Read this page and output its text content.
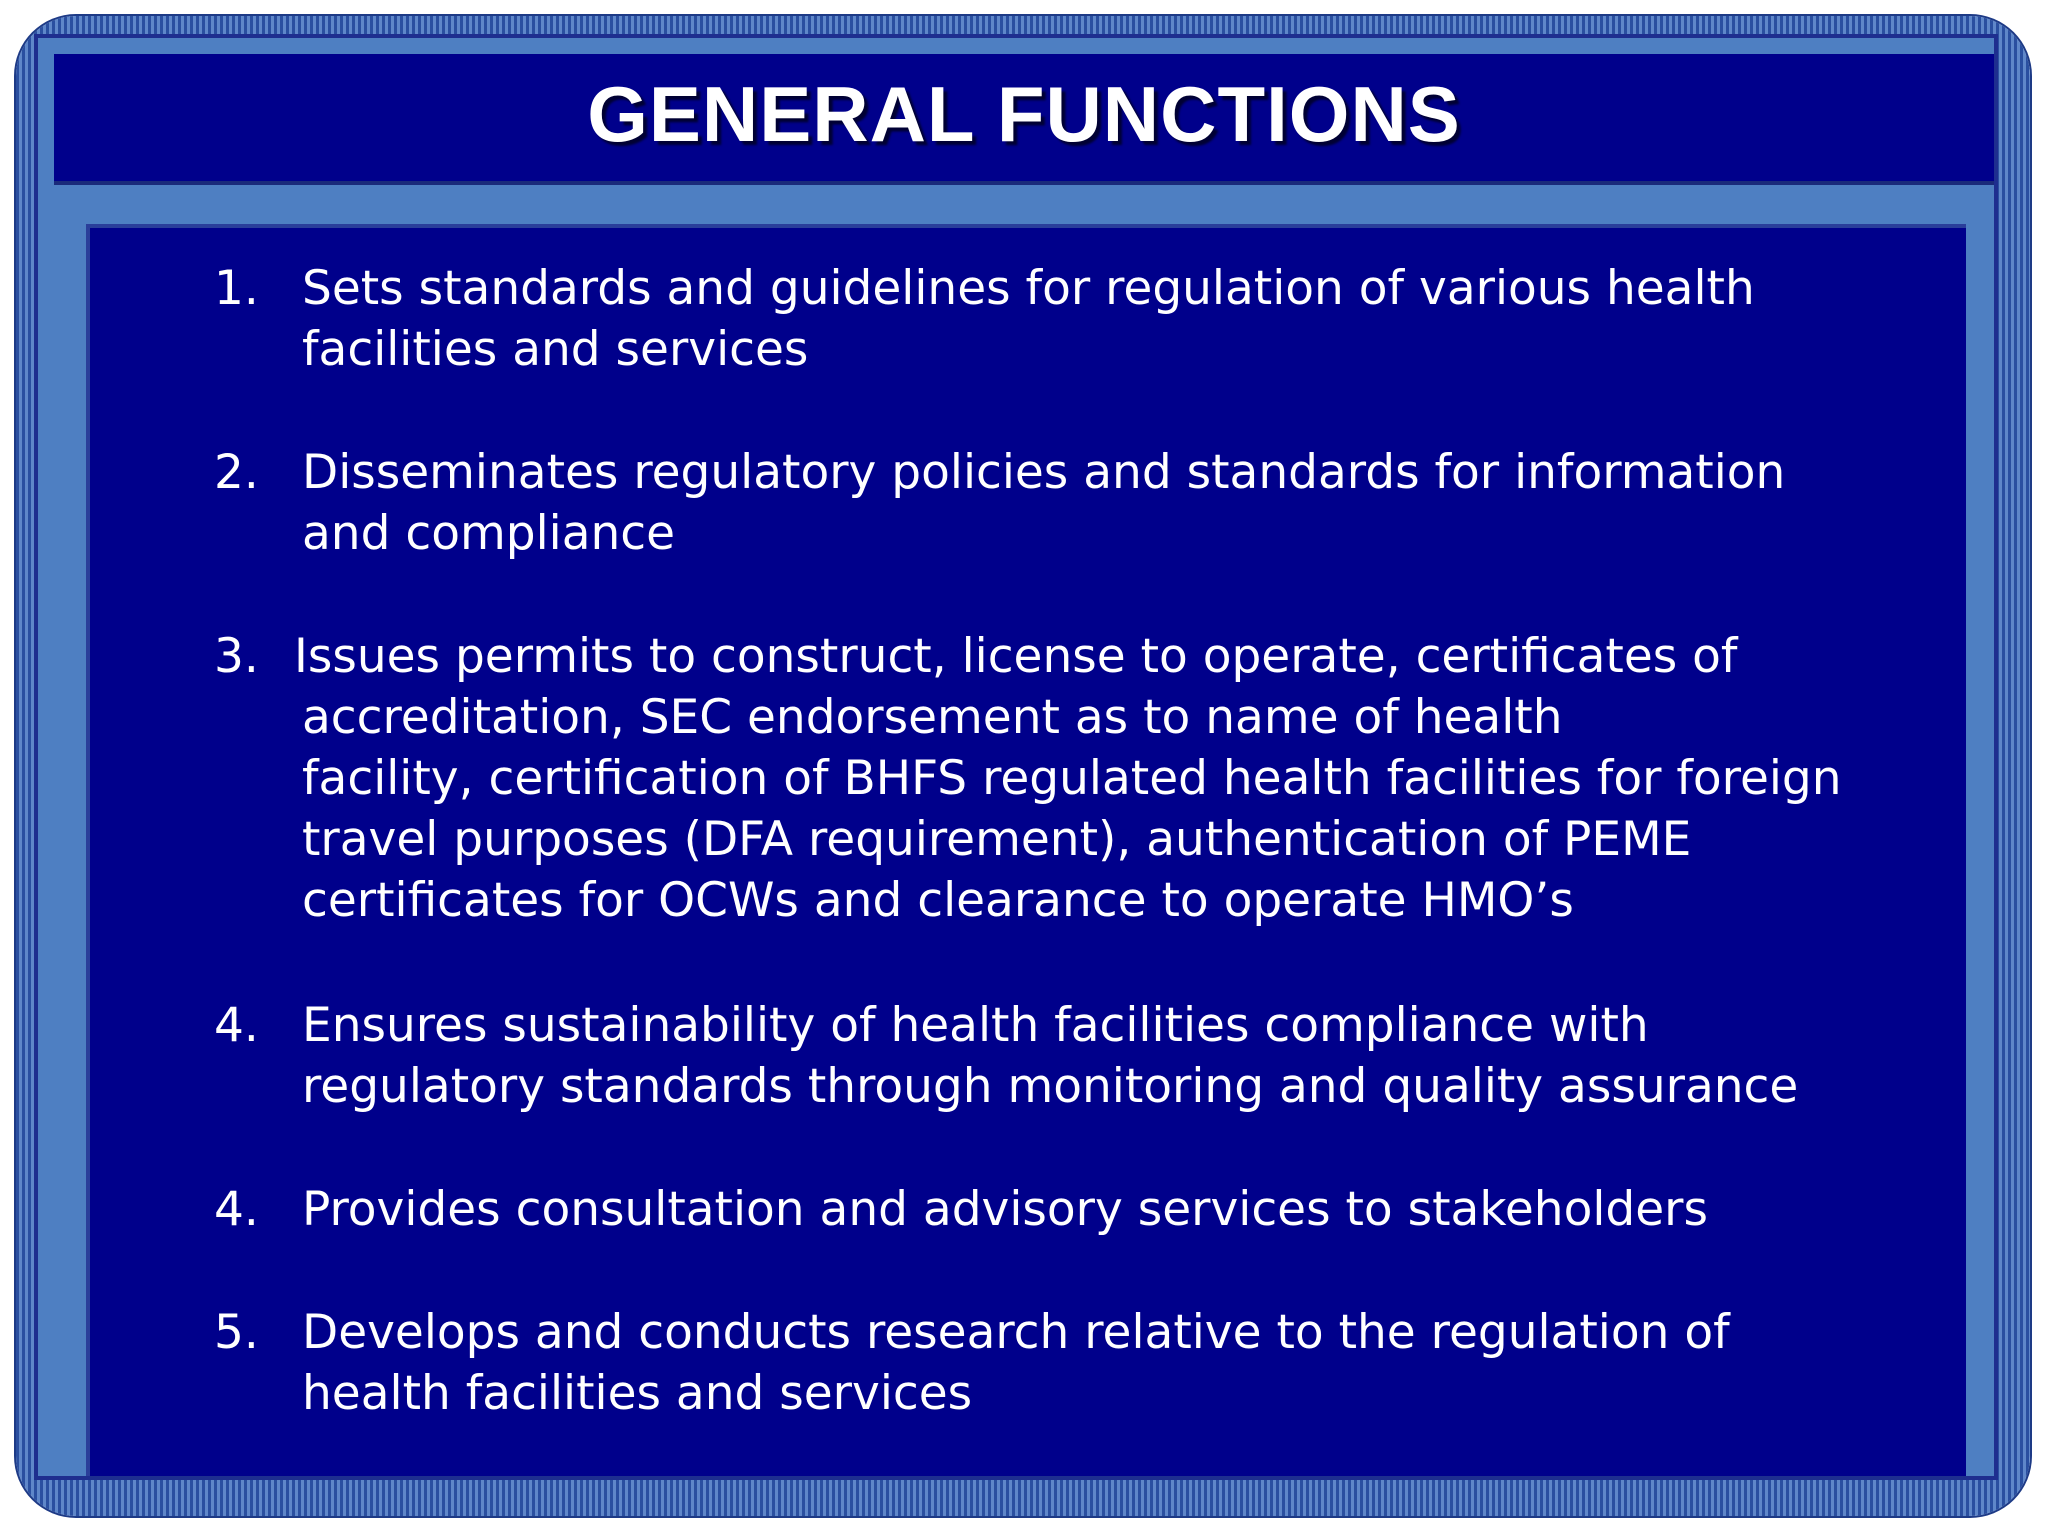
GENERAL FUNCTIONS
1. Sets standards and guidelines for regulation of various health
facilities and services
2. Disseminates regulatory policies and standards for information
and compliance
3. Issues permits to construct, license to operate, certificates of
accreditation, SEC endorsement as to name of health
facility, certification of BHFS regulated health facilities for foreign
travel purposes (DFA requirement), authentication of PEME
certificates for OCWs and clearance to operate HMO’s
4. Ensures sustainability of health facilities compliance with
regulatory standards through monitoring and quality assurance
4. Provides consultation and advisory services to stakeholders
5. Develops and conducts research relative to the regulation of
health facilities and services
